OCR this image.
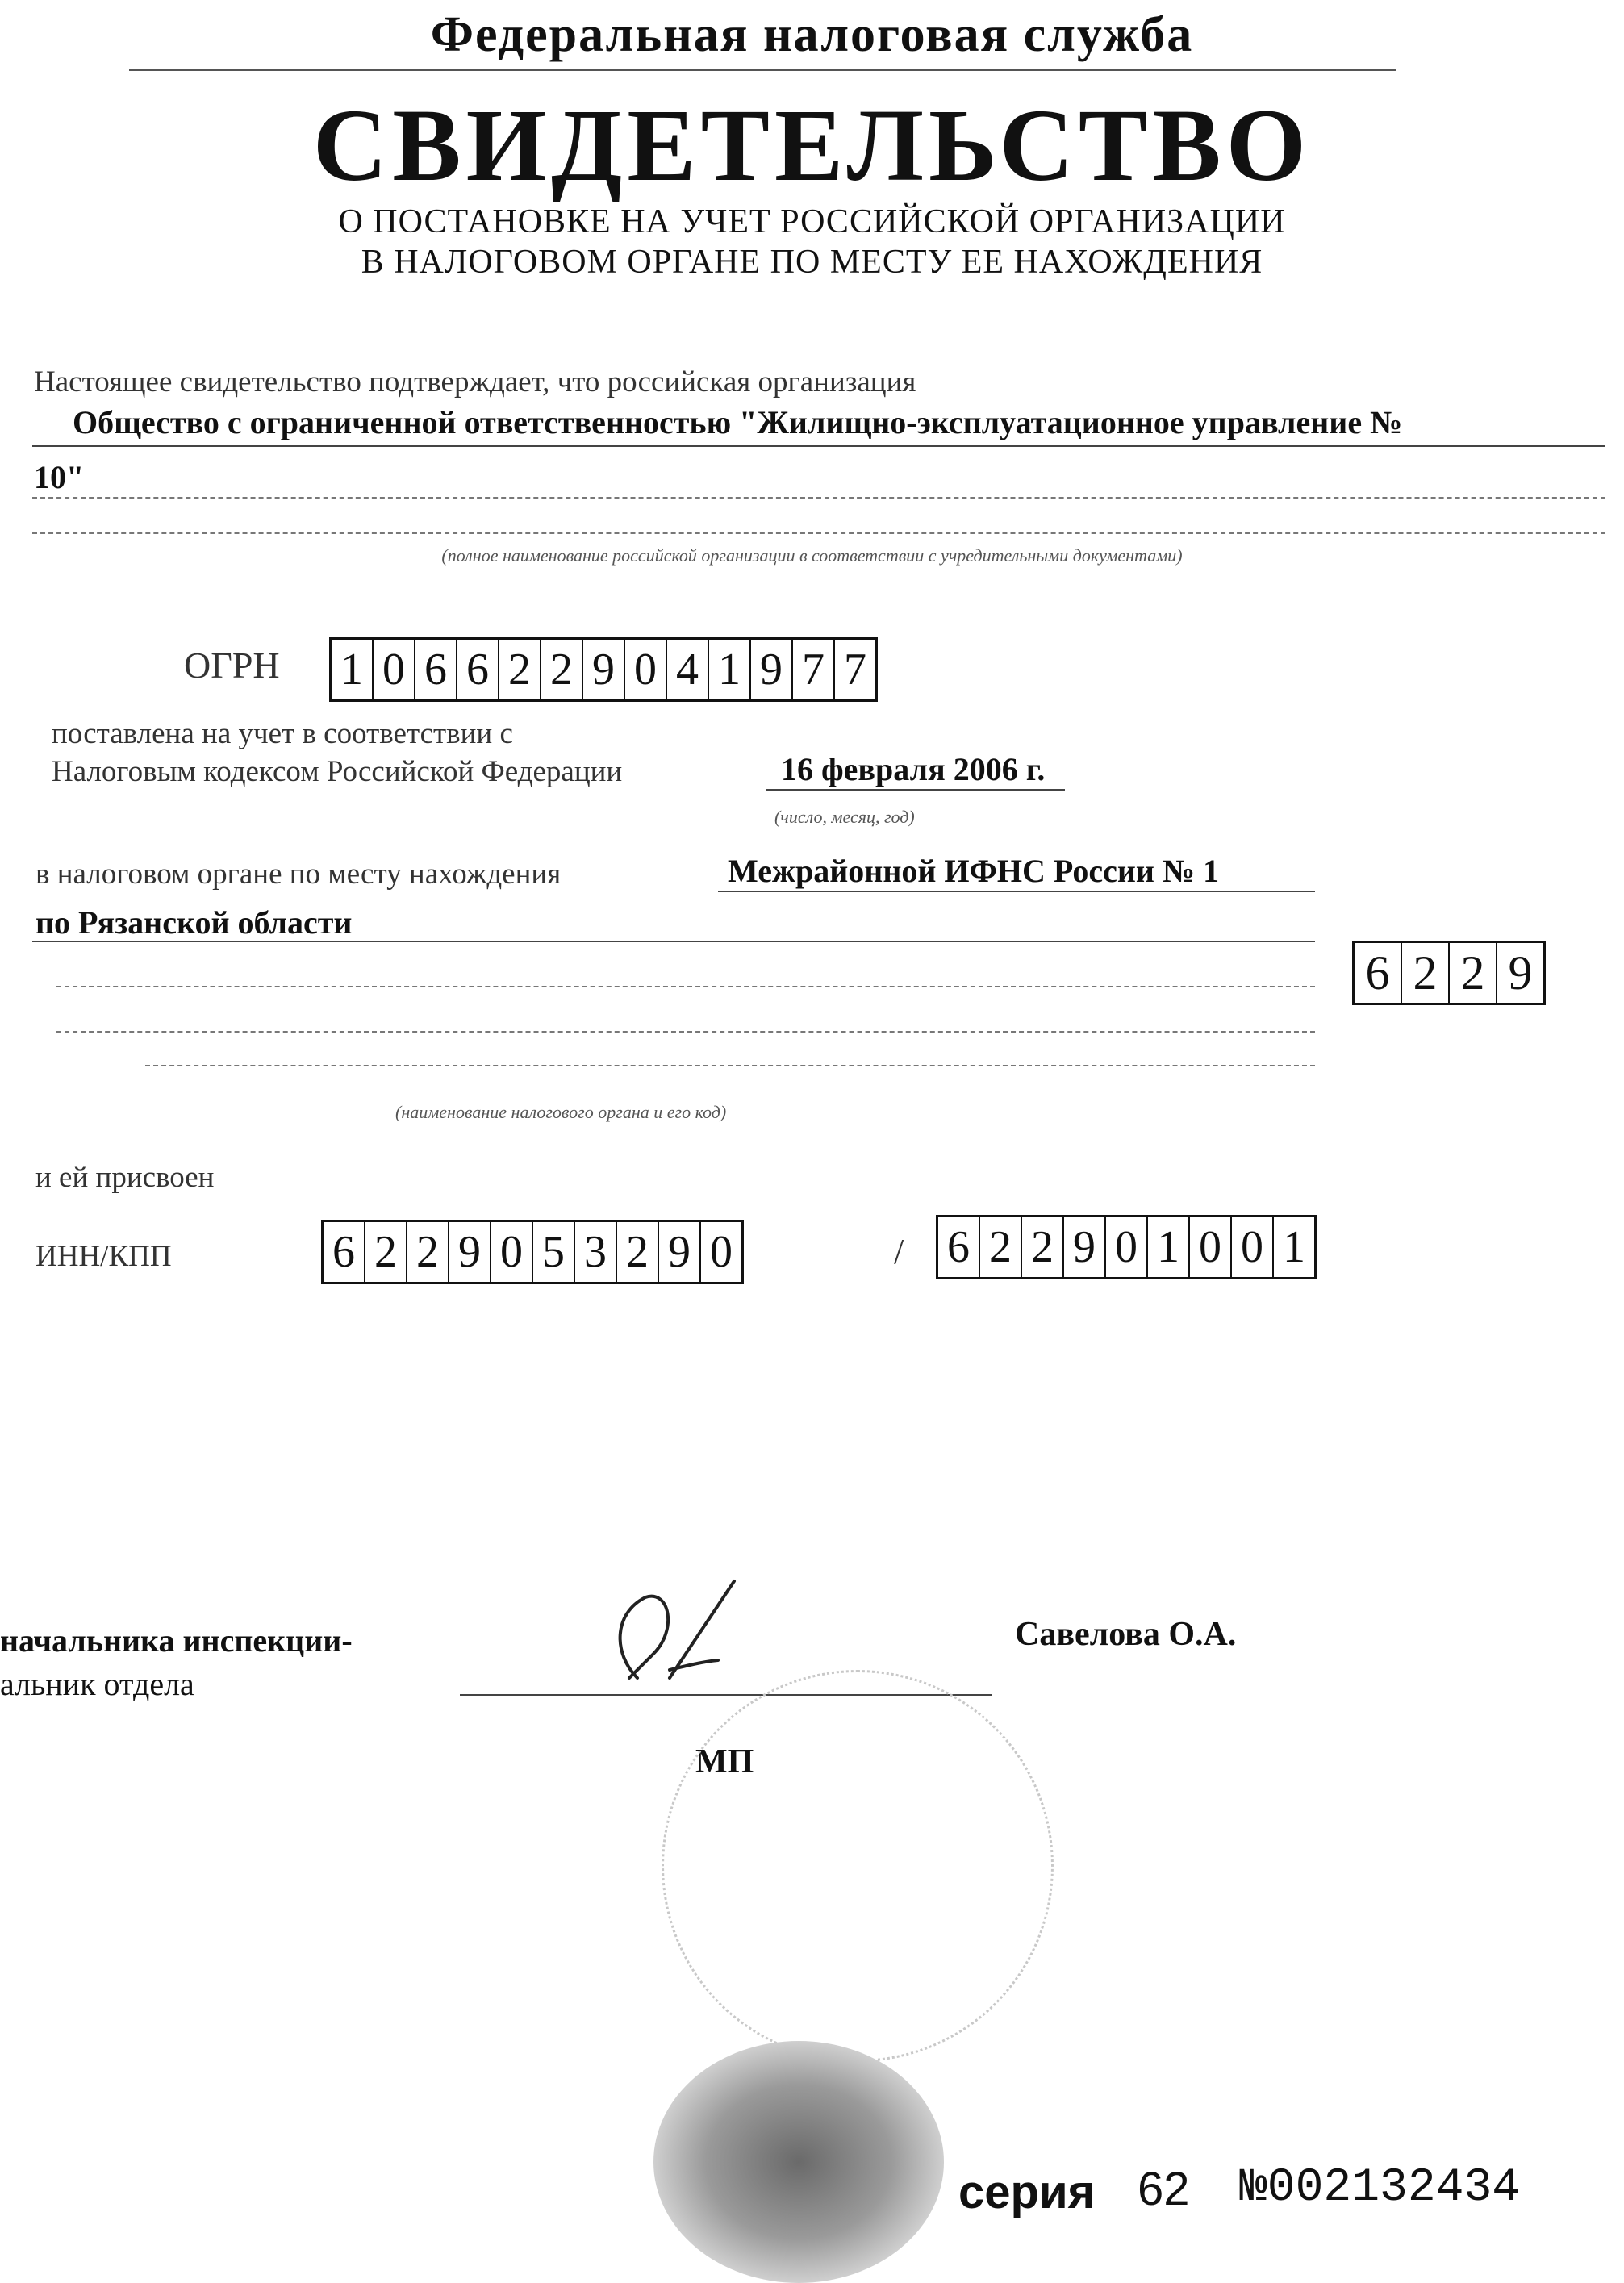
Федеральная налоговая служба
СВИДЕТЕЛЬСТВО
О ПОСТАНОВКЕ НА УЧЕТ РОССИЙСКОЙ ОРГАНИЗАЦИИ
В НАЛОГОВОМ ОРГАНЕ ПО МЕСТУ ЕЕ НАХОЖДЕНИЯ
Настоящее свидетельство подтверждает, что российская организация
Общество с ограниченной ответственностью "Жилищно-эксплуатационное управление №
10"
(полное наименование российской организации в соответствии с учредительными документами)
ОГРН 1 0 6 6 2 2 9 0 4 1 9 7 7
поставлена на учет в соответствии с
Налоговым кодексом Российской Федерации	16 февраля 2006 г.
(число, месяц, год)
в налоговом органе по месту нахождения	Межрайонной ИФНС России № 1
по Рязанской области
6 2 2 9
(наименование налогового органа и его код)
и ей присвоен
ИНН/КПП	6 2 2 9 0 5 3 2 9 0	/ 6 2 2 9 0 1 0 0 1
начальника инспекции-
альник отдела
Савелова О.А.
МП
серия 62 №002132434
